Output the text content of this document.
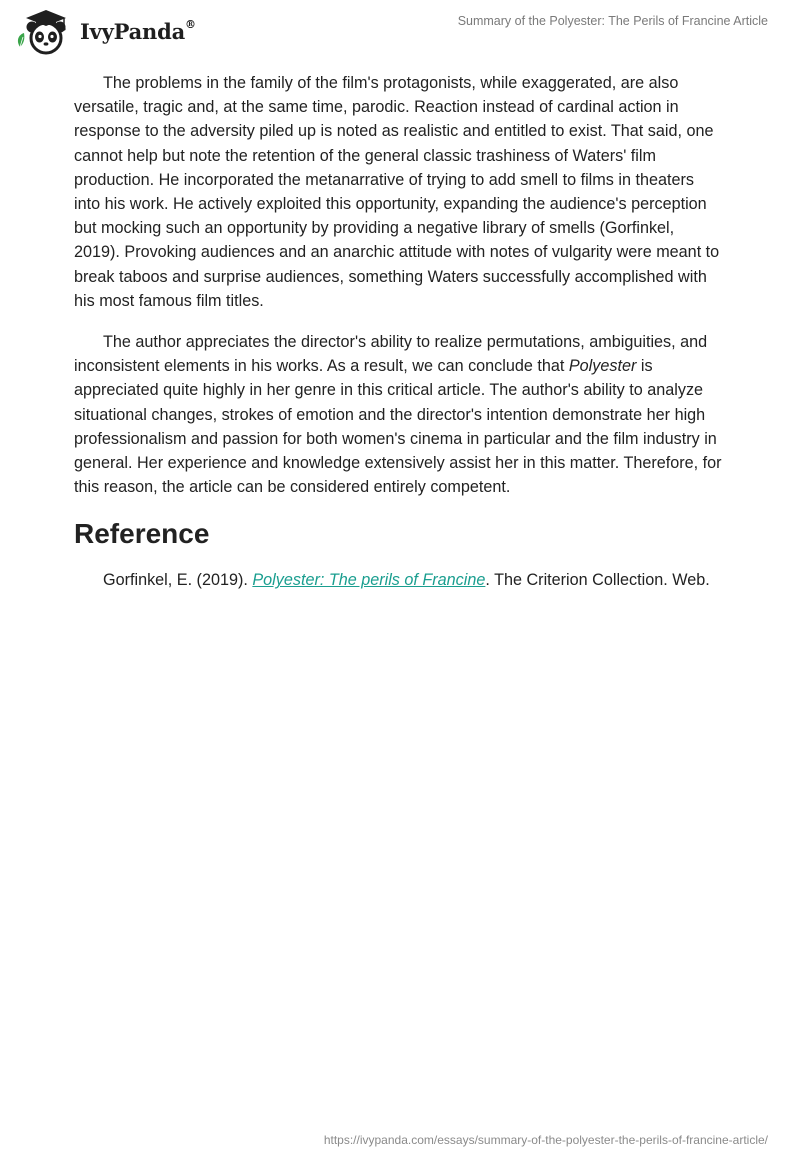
IvyPanda®	Summary of the Polyester: The Perils of Francine Article

The problems in the family of the film's protagonists, while exaggerated, are also versatile, tragic and, at the same time, parodic. Reaction instead of cardinal action in response to the adversity piled up is noted as realistic and entitled to exist. That said, one cannot help but note the retention of the general classic trashiness of Waters' film production. He incorporated the metanarrative of trying to add smell to films in theaters into his work. He actively exploited this opportunity, expanding the audience's perception but mocking such an opportunity by providing a negative library of smells (Gorfinkel, 2019). Provoking audiences and an anarchic attitude with notes of vulgarity were meant to break taboos and surprise audiences, something Waters successfully accomplished with his most famous film titles.

The author appreciates the director's ability to realize permutations, ambiguities, and inconsistent elements in his works. As a result, we can conclude that Polyester is appreciated quite highly in her genre in this critical article. The author's ability to analyze situational changes, strokes of emotion and the director's intention demonstrate her high professionalism and passion for both women's cinema in particular and the film industry in general. Her experience and knowledge extensively assist her in this matter. Therefore, for this reason, the article can be considered entirely competent.

Reference

Gorfinkel, E. (2019). Polyester: The perils of Francine. The Criterion Collection. Web.

https://ivypanda.com/essays/summary-of-the-polyester-the-perils-of-francine-article/
